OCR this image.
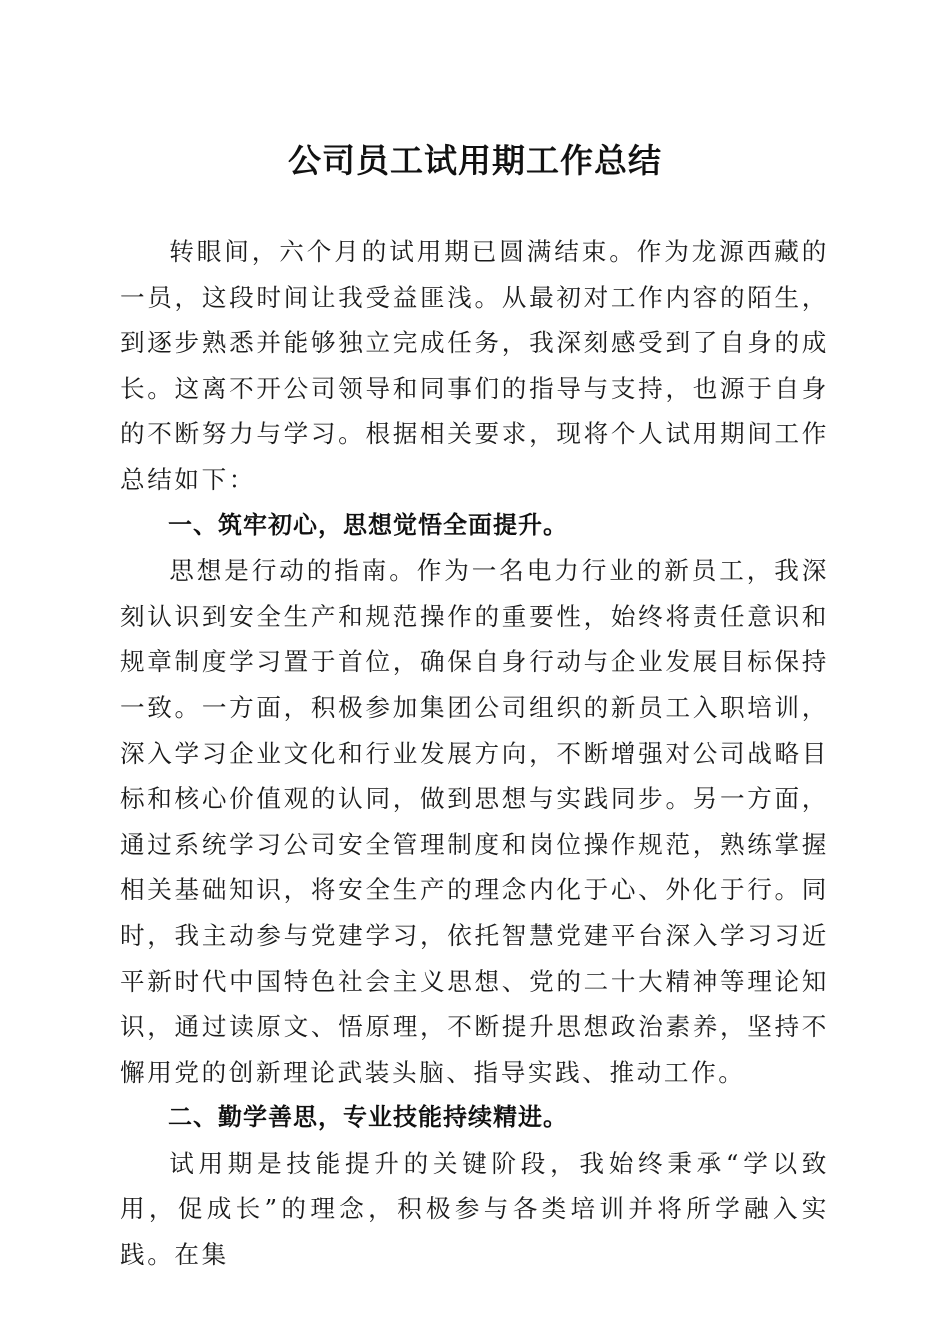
公司员工试用期工作总结

转眼间，六个月的试用期已圆满结束。作为龙源西藏的一员，这段时间让我受益匪浅。从最初对工作内容的陌生，到逐步熟悉并能够独立完成任务，我深刻感受到了自身的成长。这离不开公司领导和同事们的指导与支持，也源于自身的不断努力与学习。根据相关要求，现将个人试用期间工作总结如下：

一、筑牢初心，思想觉悟全面提升。

思想是行动的指南。作为一名电力行业的新员工，我深刻认识到安全生产和规范操作的重要性，始终将责任意识和规章制度学习置于首位，确保自身行动与企业发展目标保持一致。一方面，积极参加集团公司组织的新员工入职培训，深入学习企业文化和行业发展方向，不断增强对公司战略目标和核心价值观的认同，做到思想与实践同步。另一方面，通过系统学习公司安全管理制度和岗位操作规范，熟练掌握相关基础知识，将安全生产的理念内化于心、外化于行。同时，我主动参与党建学习，依托智慧党建平台深入学习习近平新时代中国特色社会主义思想、党的二十大精神等理论知识，通过读原文、悟原理，不断提升思想政治素养，坚持不懈用党的创新理论武装头脑、指导实践、推动工作。

二、勤学善思，专业技能持续精进。

试用期是技能提升的关键阶段，我始终秉承“学以致用，促成长”的理念，积极参与各类培训并将所学融入实践。在集
